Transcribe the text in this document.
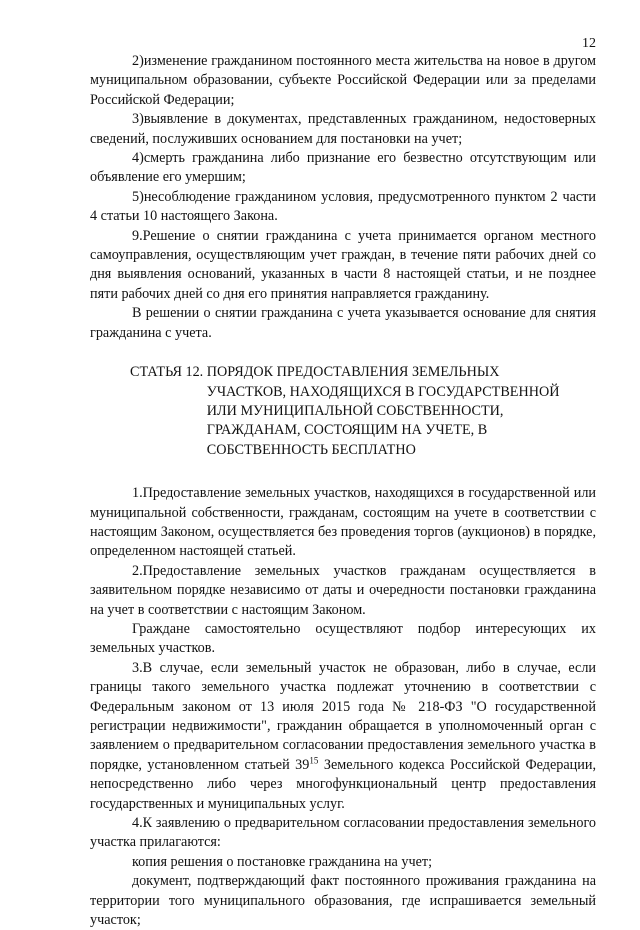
12

2)изменение гражданином постоянного места жительства на новое в другом муниципальном образовании, субъекте Российской Федерации или за пределами Российской Федерации;

3)выявление в документах, представленных гражданином, недостоверных сведений, послуживших основанием для постановки на учет;

4)смерть гражданина либо признание его безвестно отсутствующим или объявление его умершим;

5)несоблюдение гражданином условия, предусмотренного пунктом 2 части 4 статьи 10 настоящего Закона.

9.Решение о снятии гражданина с учета принимается органом местного самоуправления, осуществляющим учет граждан, в течение пяти рабочих дней со дня выявления оснований, указанных в части 8 настоящей статьи, и не позднее пяти рабочих дней со дня его принятия направляется гражданину.

В решении о снятии гражданина с учета указывается основание для снятия гражданина с учета.

СТАТЬЯ 12. ПОРЯДОК ПРЕДОСТАВЛЕНИЯ ЗЕМЕЛЬНЫХ
УЧАСТКОВ, НАХОДЯЩИХСЯ В ГОСУДАРСТВЕННОЙ
ИЛИ МУНИЦИПАЛЬНОЙ СОБСТВЕННОСТИ,
ГРАЖДАНАМ, СОСТОЯЩИМ НА УЧЕТЕ, В
СОБСТВЕННОСТЬ БЕСПЛАТНО

1.Предоставление земельных участков, находящихся в государственной или муниципальной собственности, гражданам, состоящим на учете в соответствии с настоящим Законом, осуществляется без проведения торгов (аукционов) в порядке, определенном настоящей статьей.

2.Предоставление земельных участков гражданам осуществляется в заявительном порядке независимо от даты и очередности постановки гражданина на учет в соответствии с настоящим Законом.

Граждане самостоятельно осуществляют подбор интересующих их земельных участков.

3.В случае, если земельный участок не образован, либо в случае, если границы такого земельного участка подлежат уточнению в соответствии с Федеральным законом от 13 июля 2015 года № 218-ФЗ "О государственной регистрации недвижимости", гражданин обращается в уполномоченный орган с заявлением о предварительном согласовании предоставления земельного участка в порядке, установленном статьей $39^{15}$ Земельного кодекса Российской Федерации, непосредственно либо через многофункциональный центр предоставления государственных и муниципальных услуг.

4.К заявлению о предварительном согласовании предоставления земельного участка прилагаются:

копия решения о постановке гражданина на учет;

документ, подтверждающий факт постоянного проживания гражданина на территории того муниципального образования, где испрашивается земельный участок;
